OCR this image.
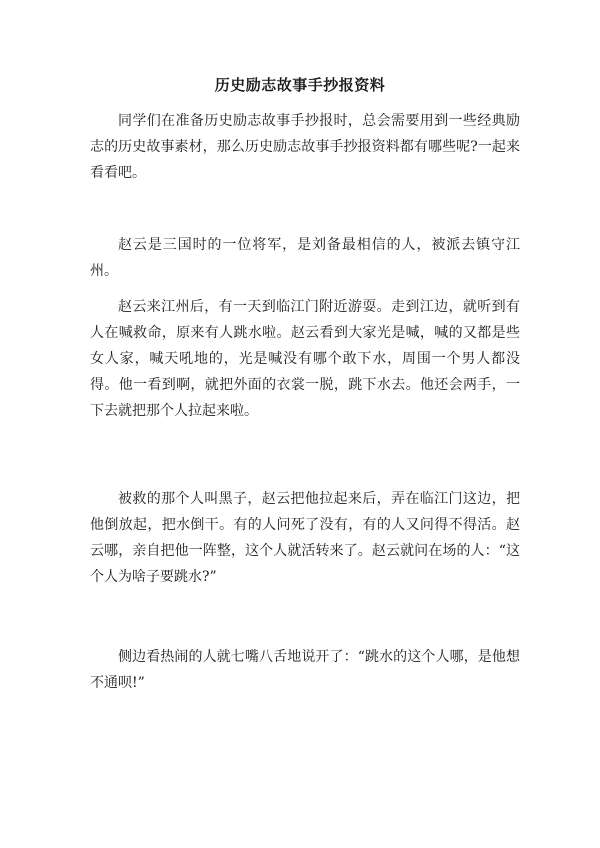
历史励志故事手抄报资料

同学们在准备历史励志故事手抄报时，总会需要用到一些经典励志的历史故事素材，那么历史励志故事手抄报资料都有哪些呢?一起来看看吧。

赵云是三国时的一位将军，是刘备最相信的人，被派去镇守江州。

赵云来江州后，有一天到临江门附近游耍。走到江边，就听到有人在喊救命，原来有人跳水啦。赵云看到大家光是喊，喊的又都是些女人家，喊天吼地的，光是喊没有哪个敢下水，周围一个男人都没得。他一看到啊，就把外面的衣裳一脱，跳下水去。他还会两手，一下去就把那个人拉起来啦。

被救的那个人叫黑子，赵云把他拉起来后，弄在临江门这边，把他倒放起，把水倒干。有的人问死了没有，有的人又问得不得活。赵云哪，亲自把他一阵整，这个人就活转来了。赵云就问在场的人：“这个人为啥子要跳水?”

侧边看热闹的人就七嘴八舌地说开了：“跳水的这个人哪，是他想不通呗!”
